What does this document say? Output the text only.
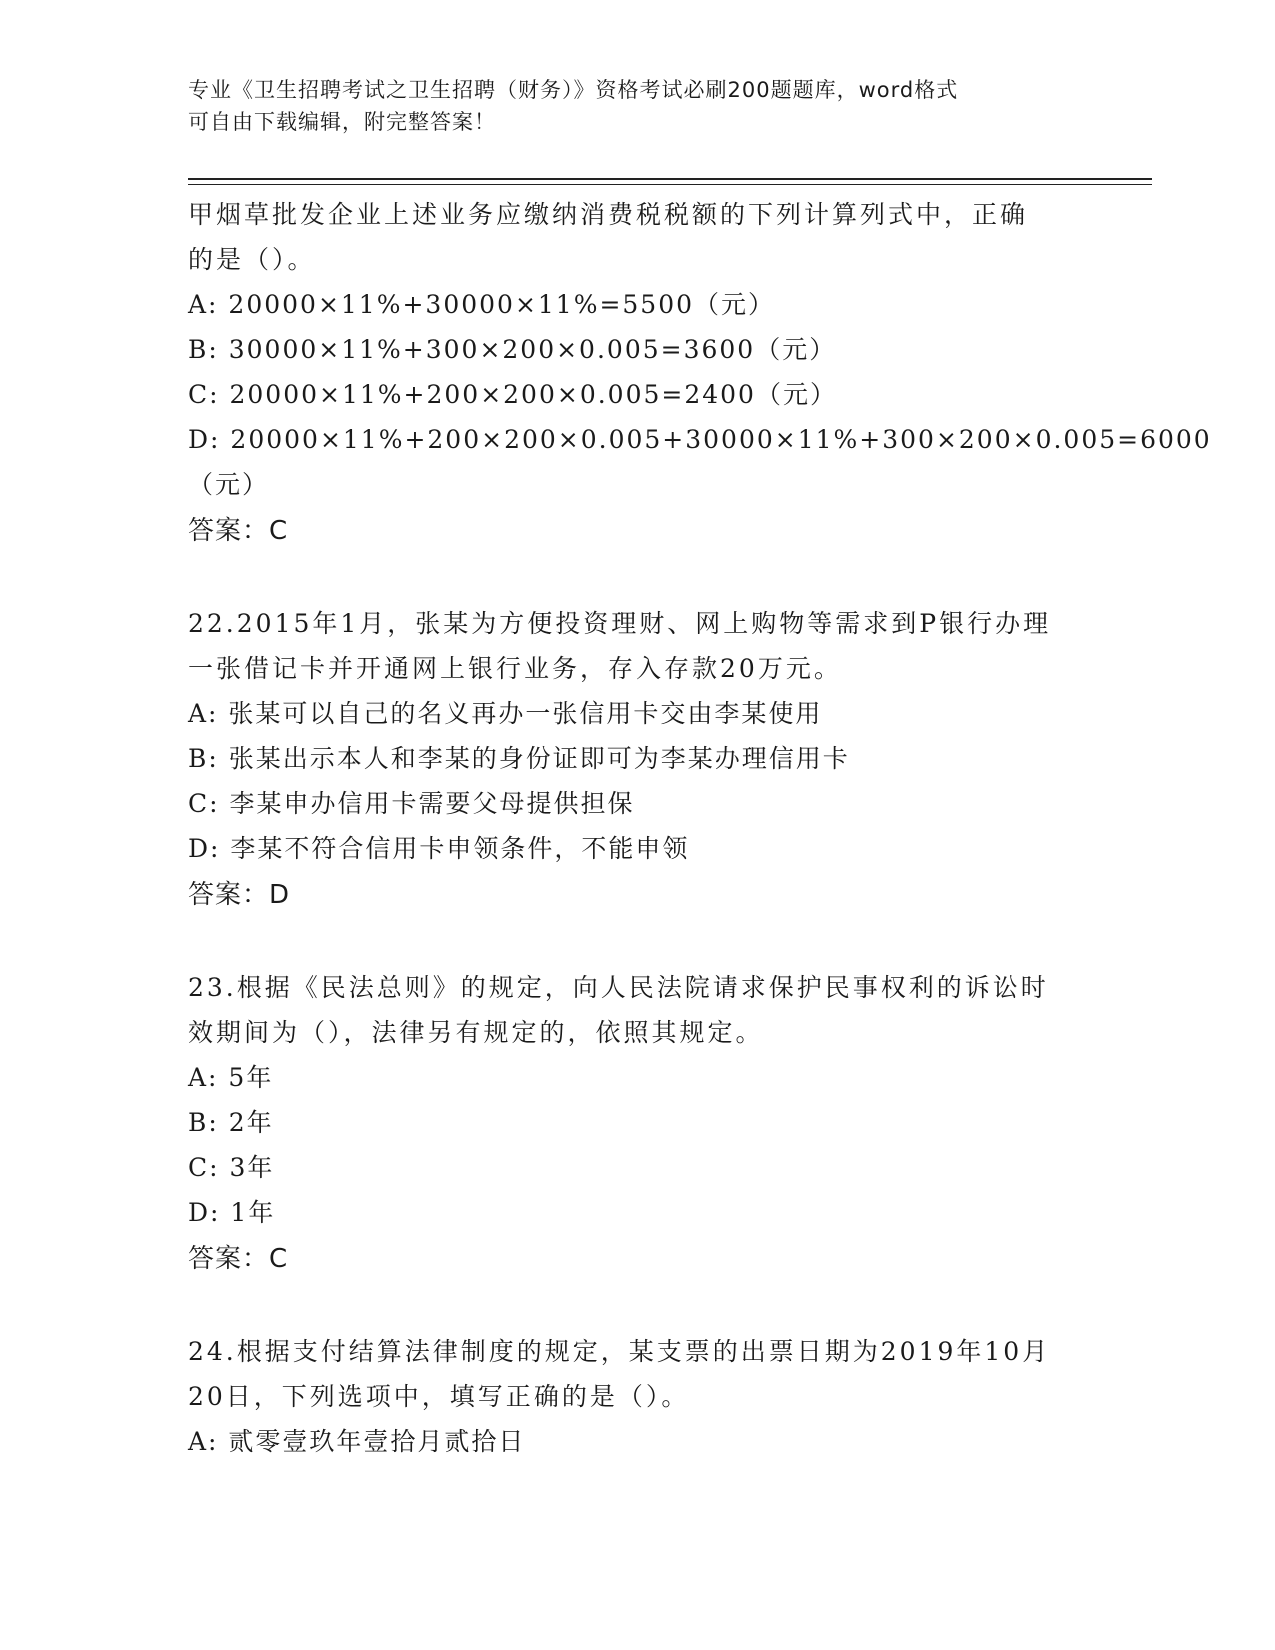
专业《卫生招聘考试之卫生招聘（财务）》资格考试必刷200题题库，word格式
可自由下载编辑，附完整答案！
甲烟草批发企业上述业务应缴纳消费税税额的下列计算列式中，正确
的是（）。
A: 20000×11%+30000×11%=5500（元）
B: 30000×11%+300×200×0.005=3600（元）
C: 20000×11%+200×200×0.005=2400（元）
D: 20000×11%+200×200×0.005+30000×11%+300×200×0.005=6000
（元）
答案：C
22.2015年1月，张某为方便投资理财、网上购物等需求到P银行办理
一张借记卡并开通网上银行业务，存入存款20万元。
A: 张某可以自己的名义再办一张信用卡交由李某使用
B: 张某出示本人和李某的身份证即可为李某办理信用卡
C: 李某申办信用卡需要父母提供担保
D: 李某不符合信用卡申领条件，不能申领
答案：D
23.根据《民法总则》的规定，向人民法院请求保护民事权利的诉讼时
效期间为（），法律另有规定的，依照其规定。
A: 5年
B: 2年
C: 3年
D: 1年
答案：C
24.根据支付结算法律制度的规定，某支票的出票日期为2019年10月
20日，下列选项中，填写正确的是（）。
A: 贰零壹玖年壹拾月贰拾日
